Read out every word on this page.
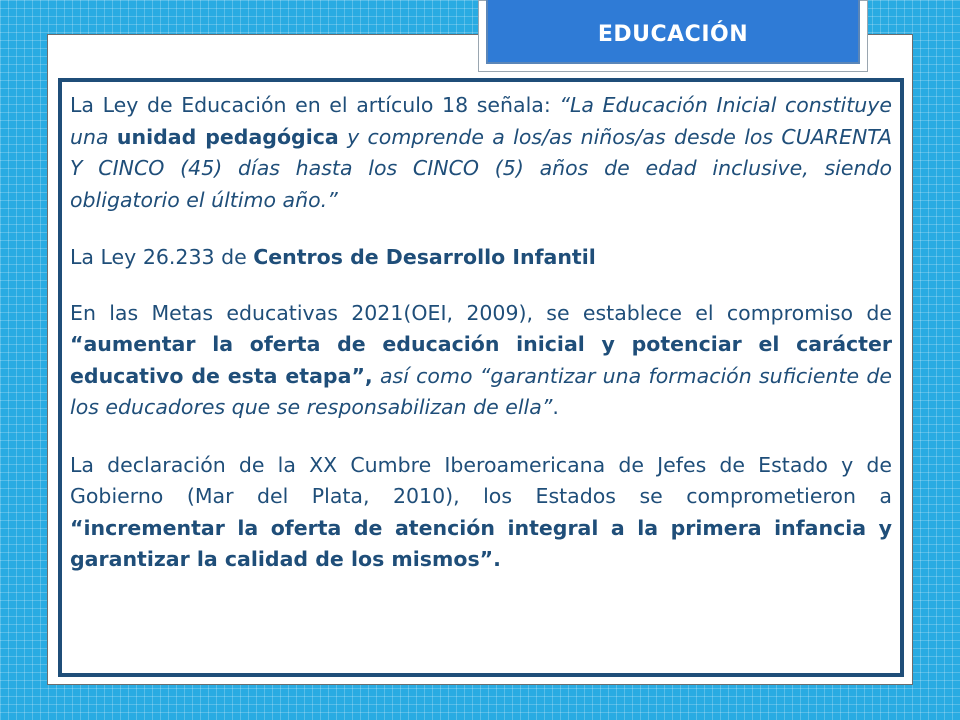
EDUCACIÓN

La Ley de Educación en el artículo 18 señala: “La Educación Inicial constituye una unidad pedagógica y comprende a los/as niños/as desde los CUARENTA Y CINCO (45) días hasta los CINCO (5) años de edad inclusive, siendo obligatorio el último año.”

La Ley 26.233 de Centros de Desarrollo Infantil

En las Metas educativas 2021(OEI, 2009), se establece el compromiso de “aumentar la oferta de educación inicial y potenciar el carácter educativo de esta etapa”, así como “garantizar una formación suficiente de los educadores que se responsabilizan de ella”.

La declaración de la XX Cumbre Iberoamericana de Jefes de Estado y de Gobierno (Mar del Plata, 2010), los Estados se comprometieron a “incrementar la oferta de atención integral a la primera infancia y garantizar la calidad de los mismos”.
